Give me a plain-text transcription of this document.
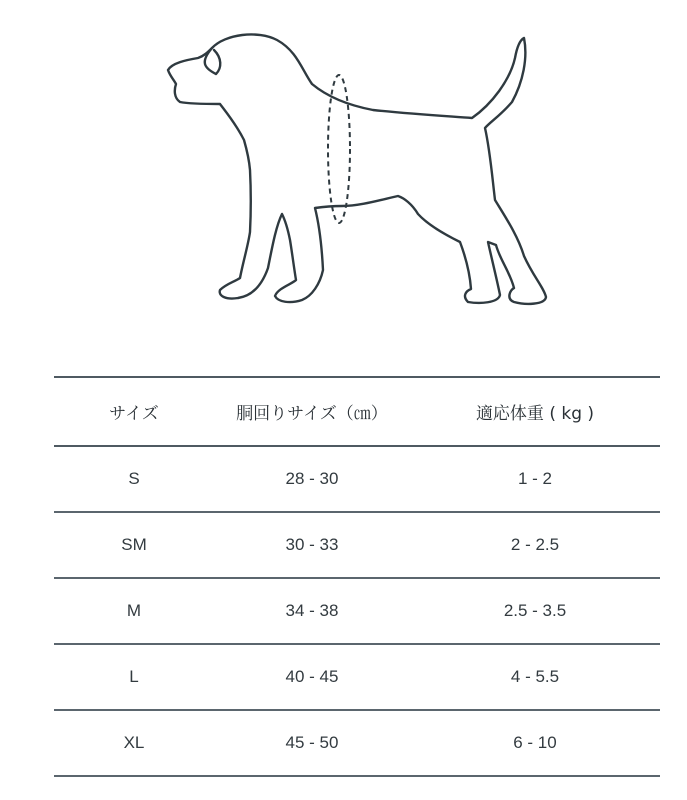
サイズ	胴回りサイズ（㎝）	適応体重 ( kg )
S	28 - 30	1 - 2
SM	30 - 33	2 - 2.5
M	34 - 38	2.5 - 3.5
L	40 - 45	4 - 5.5
XL	45 - 50	6 - 10
